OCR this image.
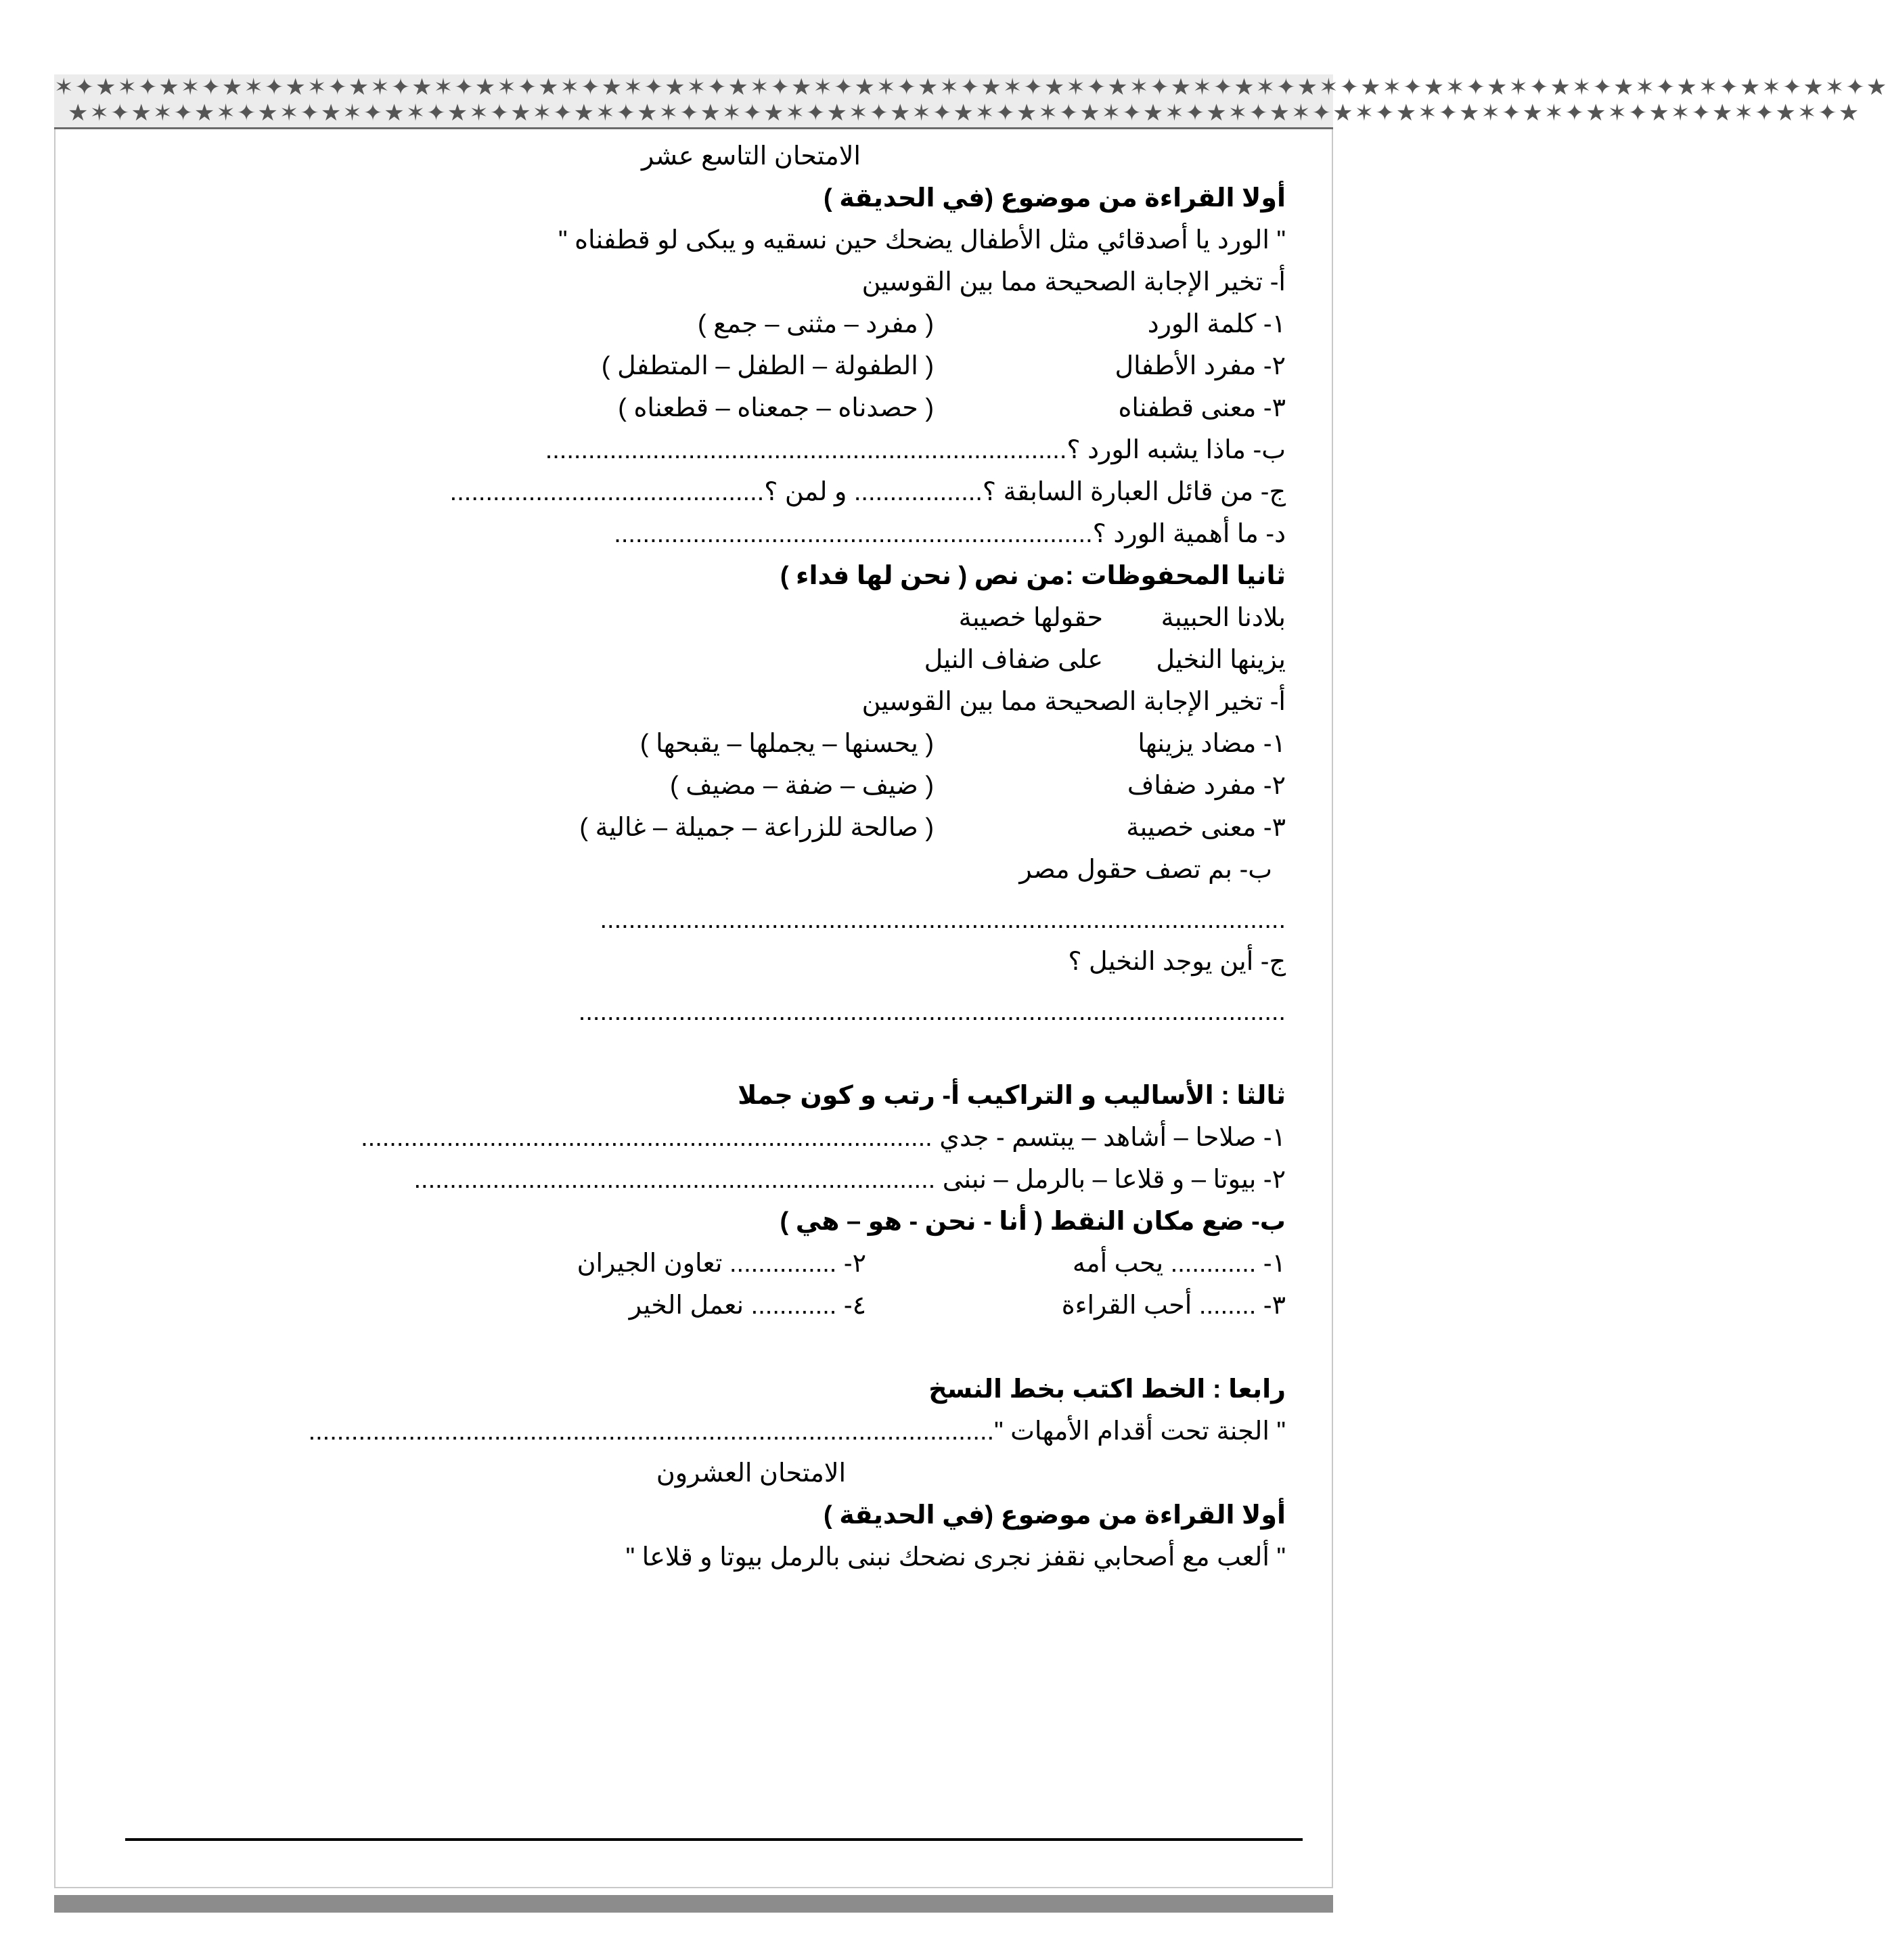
✶✦★✶✦★✶✦★✶✦★✶✦★✶✦★✶✦★✶✦★✶✦★✶✦★✶✦★✶✦★✶✦★✶✦★✶✦★✶✦★✶✦★✶✦★✶✦★✶✦★✶✦★✶✦★✶✦★✶✦★✶✦★✶✦★✶✦★✶✦★✶✦★
★✶✦★✶✦★✶✦★✶✦★✶✦★✶✦★✶✦★✶✦★✶✦★✶✦★✶✦★✶✦★✶✦★✶✦★✶✦★✶✦★✶✦★✶✦★✶✦★✶✦★✶✦★✶✦★✶✦★✶✦★✶✦★✶✦★✶✦★✶✦★
الامتحان التاسع عشر
أولا القراءة من موضوع (في الحديقة )
" الورد يا أصدقائي مثل الأطفال يضحك حين نسقيه و يبكى لو قطفناه "
أ- تخير الإجابة الصحيحة مما بين القوسين
١- كلمة الورد( مفرد – مثنى – جمع )
٢- مفرد الأطفال( الطفولة – الطفل – المتطفل )
٣- معنى قطفناه( حصدناه – جمعناه – قطعناه )
ب- ماذا يشبه الورد ؟.........................................................................
ج- من قائل العبارة السابقة ؟.................. و لمن ؟............................................
د- ما أهمية الورد ؟...................................................................
ثانيا المحفوظات :من نص ( نحن لها فداء )
بلادنا الحبيبةحقولها خصيبة
يزينها النخيلعلى ضفاف النيل
أ- تخير الإجابة الصحيحة مما بين القوسين
١- مضاد يزينها( يحسنها – يجملها – يقبحها )
٢- مفرد ضفاف( ضيف – ضفة – مضيف )
٣- معنى خصيبة( صالحة للزراعة – جميلة – غالية )
ب- بم تصف حقول مصر
................................................................................................
ج- أين يوجد النخيل ؟
...................................................................................................
ثالثا : الأساليب و التراكيب أ- رتب و كون جملا
١- صلاحا – أشاهد – يبتسم - جدي ................................................................................
٢- بيوتا – و قلاعا – بالرمل – نبنى .........................................................................
ب- ضع مكان النقط ( أنا - نحن - هو – هي )
١- ............ يحب أمه٢- ............... تعاون الجيران
٣- ........ أحب القراءة٤- ............ نعمل الخير
رابعا : الخط اكتب بخط النسخ
" الجنة تحت أقدام الأمهات "................................................................................................
الامتحان العشرون
أولا القراءة من موضوع (في الحديقة )
" ألعب مع أصحابي نقفز نجرى نضحك نبنى بالرمل بيوتا و قلاعا "
